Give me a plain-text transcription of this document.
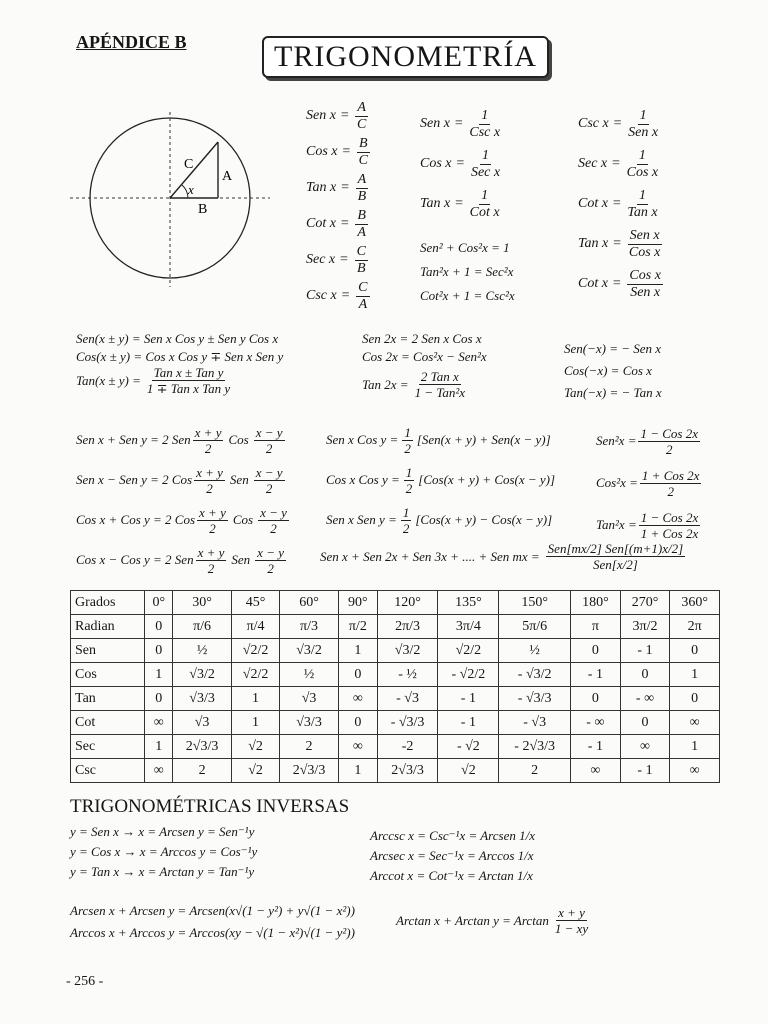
APÉNDICE B	TRIGONOMETRÍA
C
A
B
x
Sen $x = \frac{A}{C}$
Cos $x = \frac{B}{C}$
Tan $x = \frac{A}{B}$
Cot $x = \frac{B}{A}$
Sec $x = \frac{C}{B}$
Csc $x = \frac{C}{A}$
Sen $x = \frac{1}{\text{Csc x}}$
Cos $x = \frac{1}{\text{Sec x}}$
Tan $x = \frac{1}{\text{Cot x}}$
Sen² + Cos²x = 1
Tan²x + 1 = Sec²x
Cot²x + 1 = Csc²x
Csc $x = \frac{1}{\text{Sen x}}$
Sec $x = \frac{1}{\text{Cos x}}$
Cot $x = \frac{1}{\text{Tan x}}$
Tan $x = \frac{\text{Sen x}}{\text{Cos x}}$
Cot $x = \frac{\text{Cos x}}{\text{Sen x}}$
Sen(x ± y) = Sen x Cos y ± Sen y Cos x
Cos(x ± y) = Cos x Cos y ∓ Sen x Sen y
$Tan(x \pm y) = \frac{\text{Tan x ± Tan y}}{\text{1 ∓ Tan x Tan y}}$
Sen 2x = 2 Sen x Cos x
Cos 2x = Cos²x − Sen²x
Tan $2x = \frac{\text{2 Tan x}}{\text{1 − Tan²x}}$
Sen(−x) = − Sen x
Cos(−x) = Cos x
Tan(−x) = − Tan x
Sen x + Sen y = 2 Sen $\frac{x + y}{2}$ Cos $\frac{x - y}{2}$
Sen x − Sen y = 2 Cos $\frac{x + y}{2}$ Sen $\frac{x - y}{2}$
Cos x + Cos y = 2 Cos $\frac{x + y}{2}$ Cos $\frac{x - y}{2}$
Cos x − Cos y = 2 Sen $\frac{x + y}{2}$ Sen $\frac{x - y}{2}$
Sen x Cos $y = \frac{1}{2} [Sen(x + y) + Sen(x - y)]$
Cos x Cos $y = \frac{1}{2} [Cos(x + y) + Cos(x - y)]$
Sen x Sen $y = \frac{1}{2} [Cos(x + y) - Cos(x - y)]$
$Sen^2x = \frac{\text{1 − Cos 2x}}{2}$
$Cos^2x = \frac{\text{1 + Cos 2x}}{2}$
$Tan^2x = \frac{\text{1 − Cos 2x}}{\text{1 + Cos 2x}}$
Sen x + Sen 2x + Sen 3x + .... + Sen mx = $\frac{\text{Sen[mx/2] Sen[(m+1)x/2]}}{\text{Sen[x/2]}}$
Grados	0°	30°	45°	60°	90°	120°	135°	150°	180°	270°	360°
Radian	0	π/6	π/4	π/3	π/2	2π/3	3π/4	5π/6	π	3π/2	2π
Sen	0	½	√2/2	√3/2	1	√3/2	√2/2	½	0	- 1	0
Cos	1	√3/2	√2/2	½	0	- ½	- √2/2	- √3/2	- 1	0	1
Tan	0	√3/3	1	√3	∞	- √3	- 1	- √3/3	0	- ∞	0
Cot	∞	√3	1	√3/3	0	- √3/3	- 1	- √3	- ∞	0	∞
Sec	1	2√3/3	√2	2	∞	-2	- √2	- 2√3/3	- 1	∞	1
Csc	∞	2	√2	2√3/3	1	2√3/3	√2	2	∞	- 1	∞
TRIGONOMÉTRICAS INVERSAS
y = Sen x → x = Arcsen y = Sen⁻¹y
y = Cos x → x = Arccos y = Cos⁻¹y
y = Tan x → x = Arctan y = Tan⁻¹y
Arccsc x = Csc⁻¹x = Arcsen 1/x
Arcsec x = Sec⁻¹x = Arccos 1/x
Arccot x = Cot⁻¹x = Arctan 1/x
Arcsen x + Arcsen y = Arcsen(x√(1 − y²) + y√(1 − x²))
Arccos x + Arccos y = Arccos(xy − √(1 − x²)√(1 − y²))
Arctan x + Arctan y = Arctan $\frac{x + y}{1 - xy}$
- 256 -
